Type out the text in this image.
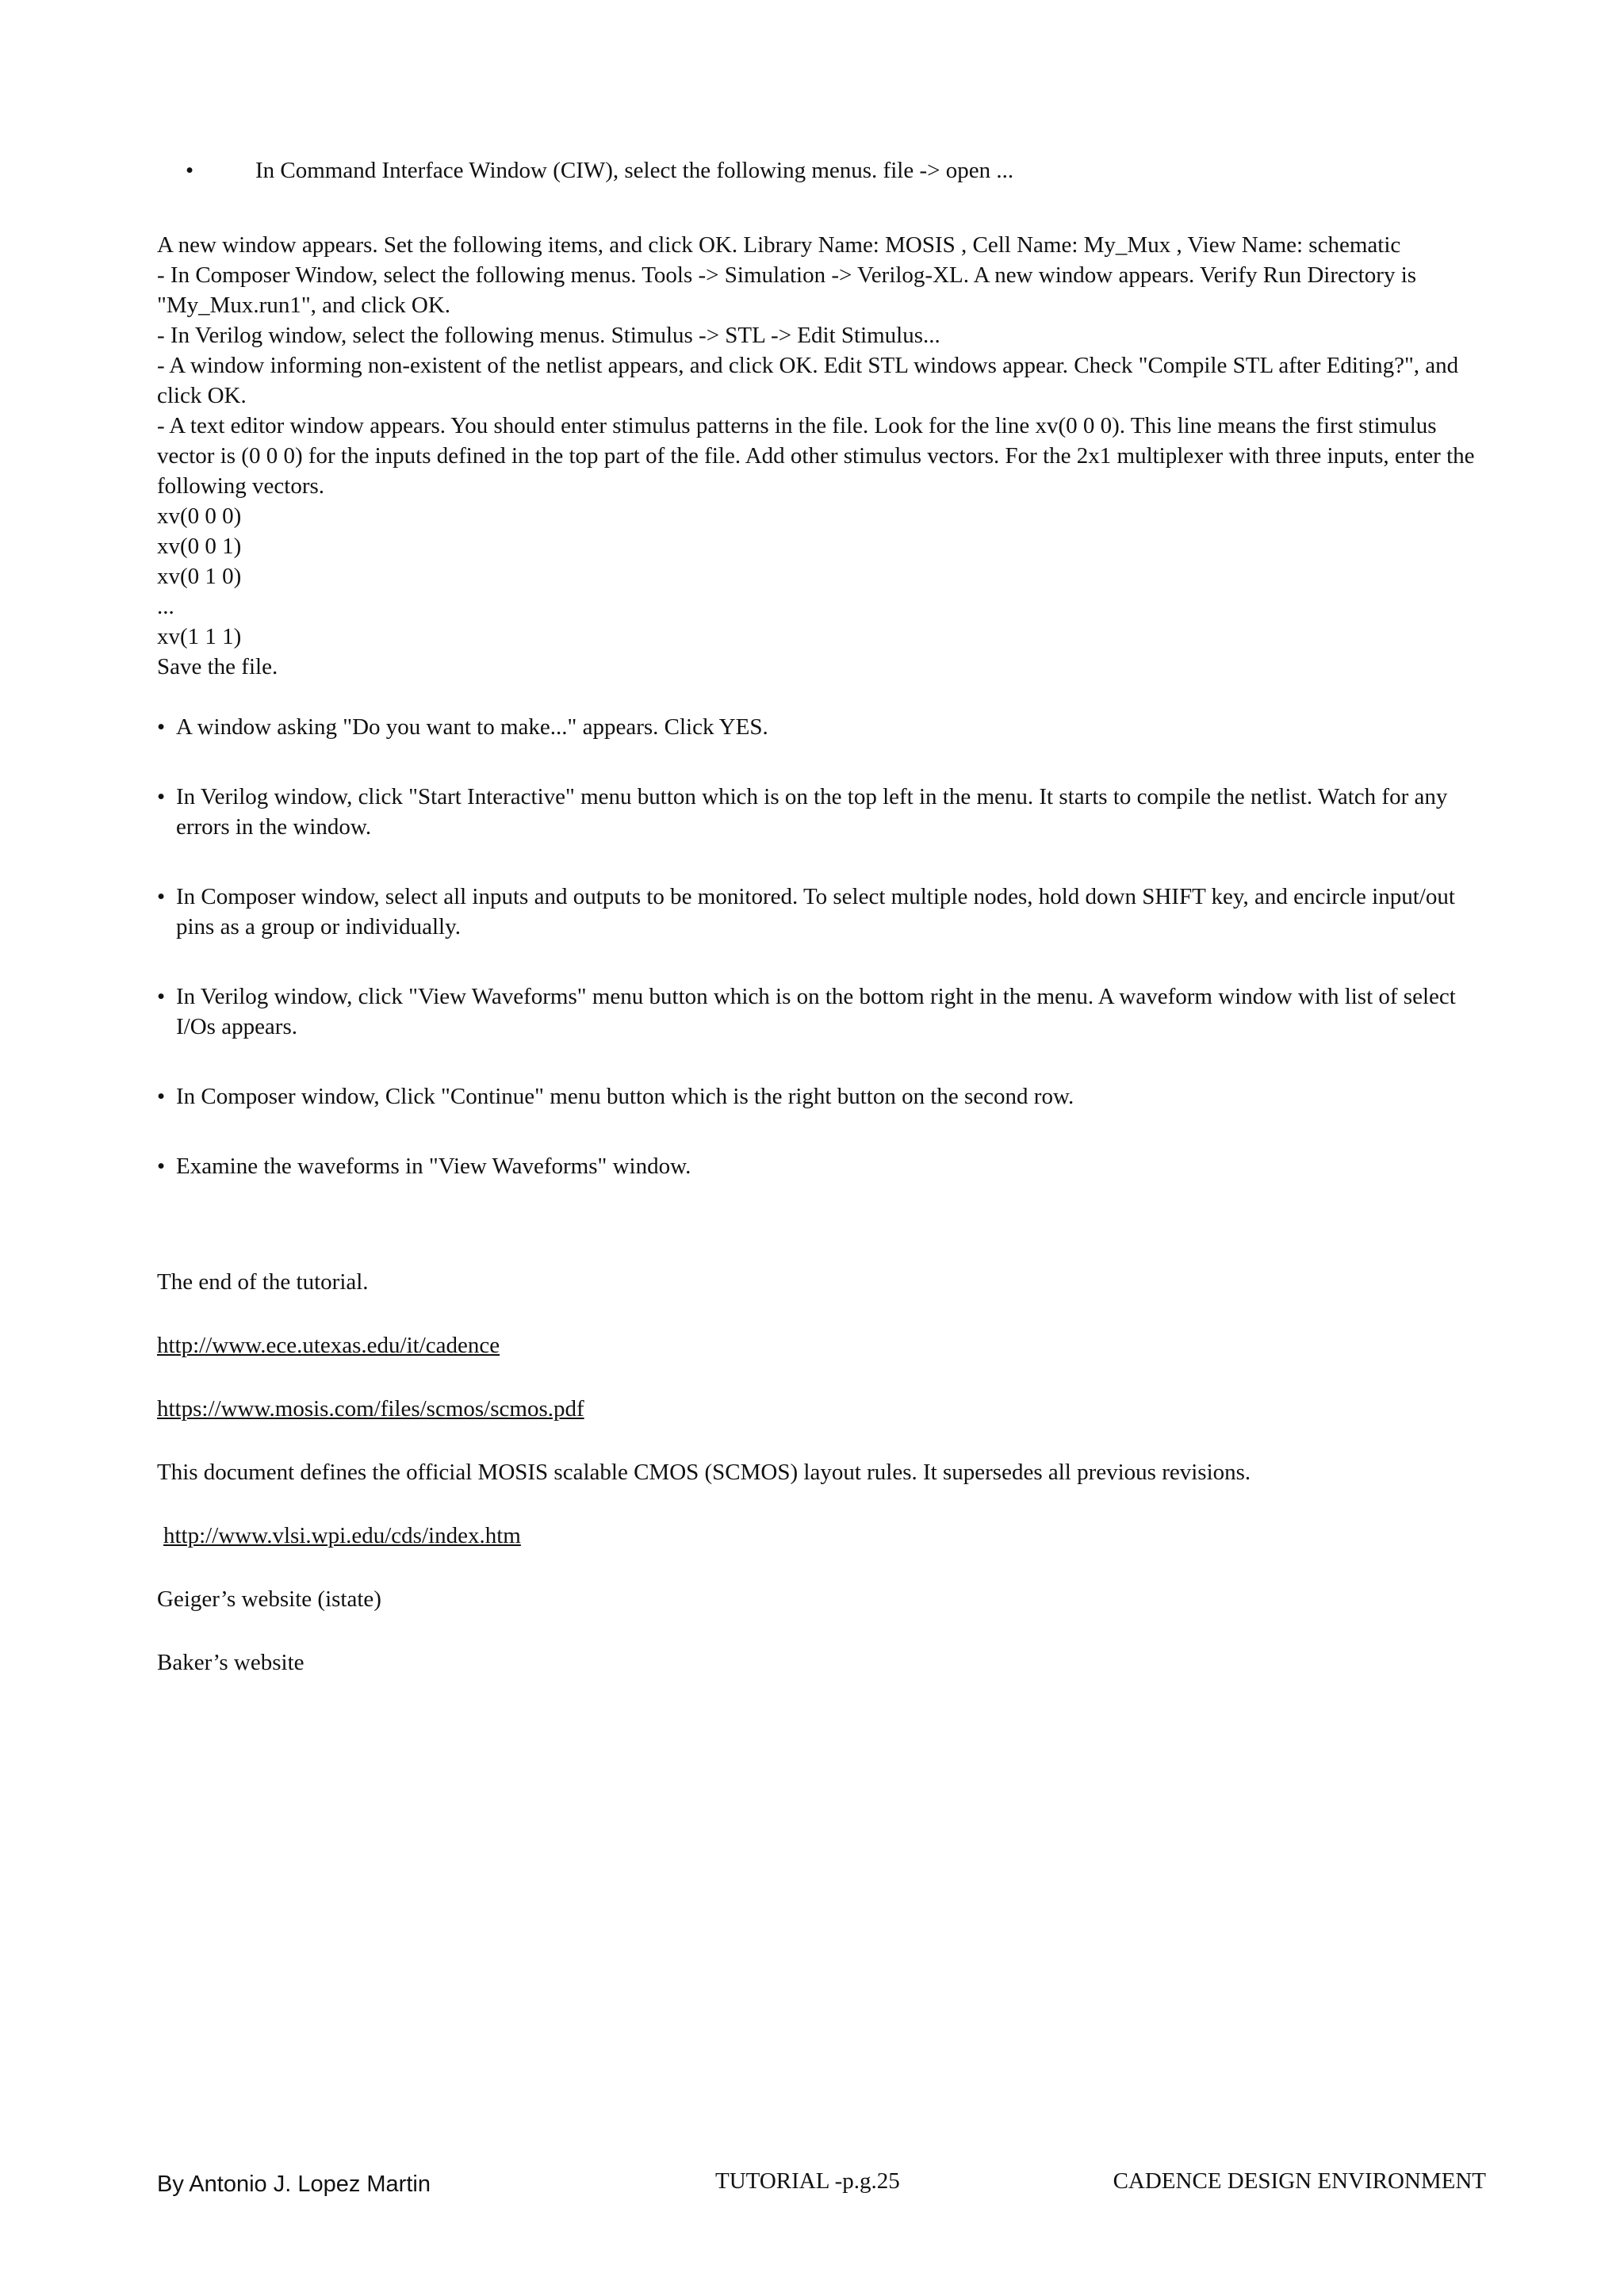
•	In Command Interface Window (CIW), select the following menus. file -> open ...

A new window appears. Set the following items, and click OK. Library Name: MOSIS , Cell Name: My_Mux , View Name: schematic

- In Composer Window, select the following menus. Tools -> Simulation -> Verilog-XL. A new window appears. Verify Run Directory is "My_Mux.run1", and click OK.

- In Verilog window, select the following menus. Stimulus -> STL -> Edit Stimulus...

- A window informing non-existent of the netlist appears, and click OK. Edit STL windows appear. Check "Compile STL after Editing?", and click OK.

- A text editor window appears. You should enter stimulus patterns in the file. Look for the line xv(0 0 0). This line means the first stimulus vector is (0 0 0) for the inputs defined in the top part of the file. Add other stimulus vectors. For the 2x1 multiplexer with three inputs, enter the following vectors.

xv(0 0 0)

xv(0 0 1)

xv(0 1 0)

...

xv(1 1 1)

Save the file.

• A window asking "Do you want to make..." appears. Click YES.
• In Verilog window, click "Start Interactive" menu button which is on the top left in the menu. It starts to compile the netlist. Watch for any errors in the window.
• In Composer window, select all inputs and outputs to be monitored. To select multiple nodes, hold down SHIFT key, and encircle input/out pins as a group or individually.
• In Verilog window, click "View Waveforms" menu button which is on the bottom right in the menu. A waveform window with list of select I/Os appears.
• In Composer window, Click "Continue" menu button which is the right button on the second row.
• Examine the waveforms in "View Waveforms" window.

The end of the tutorial.

http://www.ece.utexas.edu/it/cadence

https://www.mosis.com/files/scmos/scmos.pdf

This document defines the official MOSIS scalable CMOS (SCMOS) layout rules. It supersedes all previous revisions.

http://www.vlsi.wpi.edu/cds/index.htm

Geiger’s website (istate)

Baker’s website

By Antonio J. Lopez Martin	TUTORIAL -p.g.25	CADENCE DESIGN ENVIRONMENT
